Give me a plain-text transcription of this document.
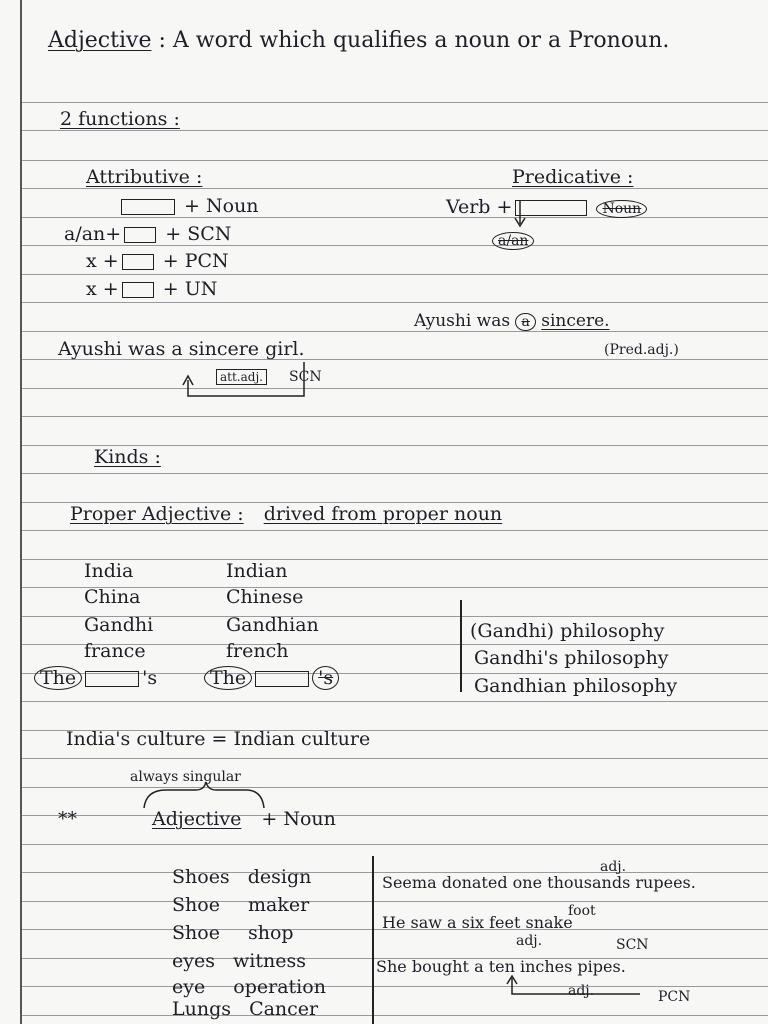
Adjective : A word which qualifies a noun or a Pronoun.
2 functions :
Attributive :
+ Noun
a/an+ + SCN
x + + PCN
x + + UN
Predicative :
Verb +	Noun
a/an
Ayushi was a sincere.
(Pred.adj.)
Ayushi was a sincere girl.
att.adj. SCN
Kinds :
Proper Adjective : drived from proper noun
India	Indian
China	Chinese
Gandhi	Gandhian
france	french
The	's	The	's
(Gandhi) philosophy
Gandhi's philosophy
Gandhian philosophy
India's culture = Indian culture
always singular
**	Adjective + Noun
Shoes design
Shoe maker
Shoe shop
eyes witness
eye operation
Lungs Cancer
adj.
Seema donated one thousands rupees.
foot
He saw a six feet snake
adj.	SCN
She bought a ten inches pipes.
adj.	PCN
